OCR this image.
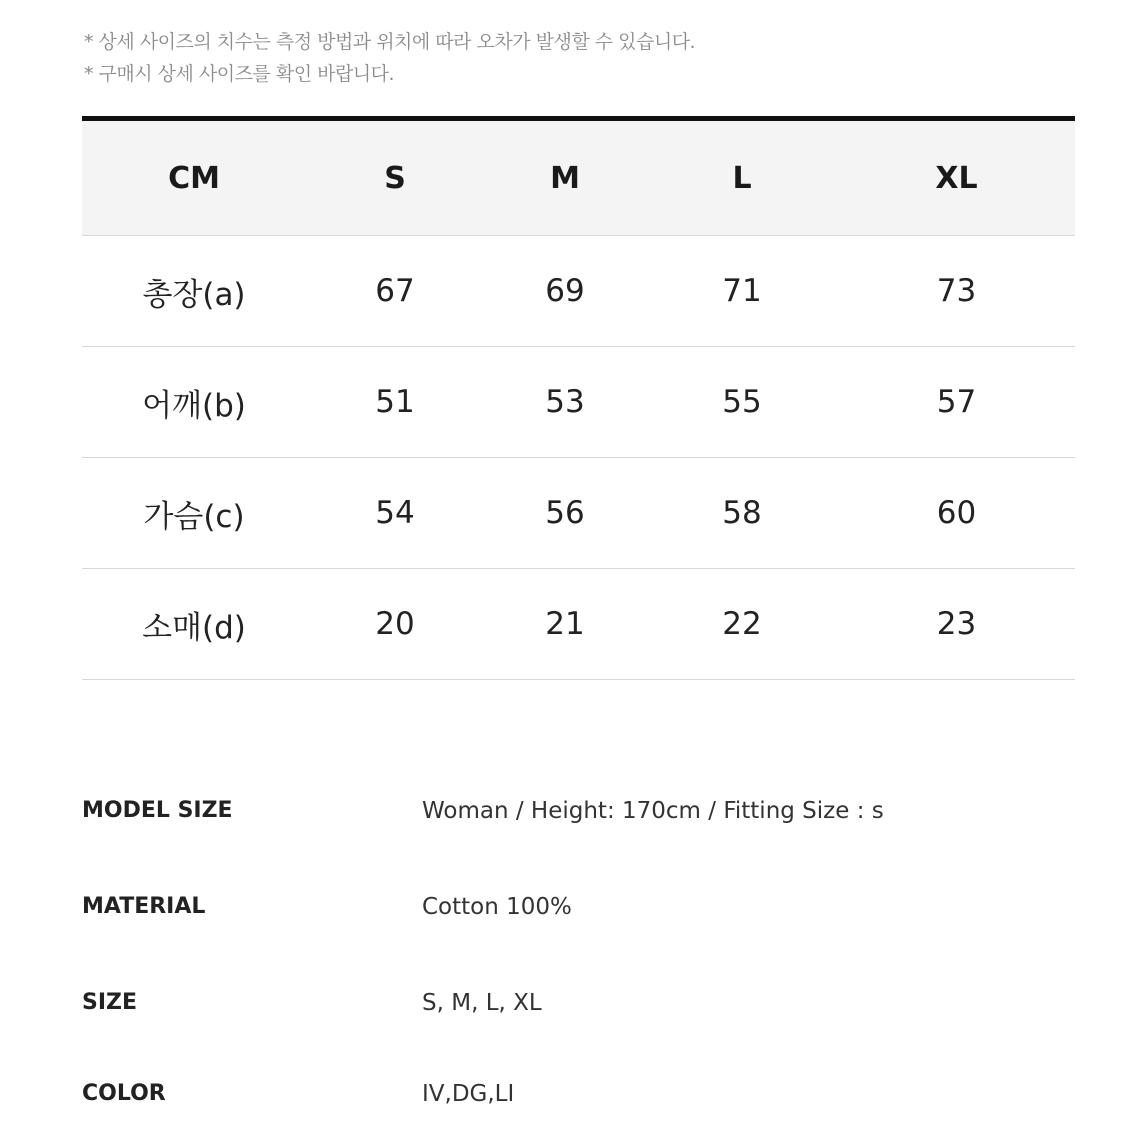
* 상세 사이즈의 치수는 측정 방법과 위치에 따라 오차가 발생할 수 있습니다.
* 구매시 상세 사이즈를 확인 바랍니다.
CM	S	M	L	XL
총장(a)	67	69	71	73
어깨(b)	51	53	55	57
가슴(c)	54	56	58	60
소매(d)	20	21	22	23
MODEL SIZE	Woman / Height: 170cm / Fitting Size : s
MATERIAL	Cotton 100%
SIZE	S, M, L, XL
COLOR	IV,DG,LI
